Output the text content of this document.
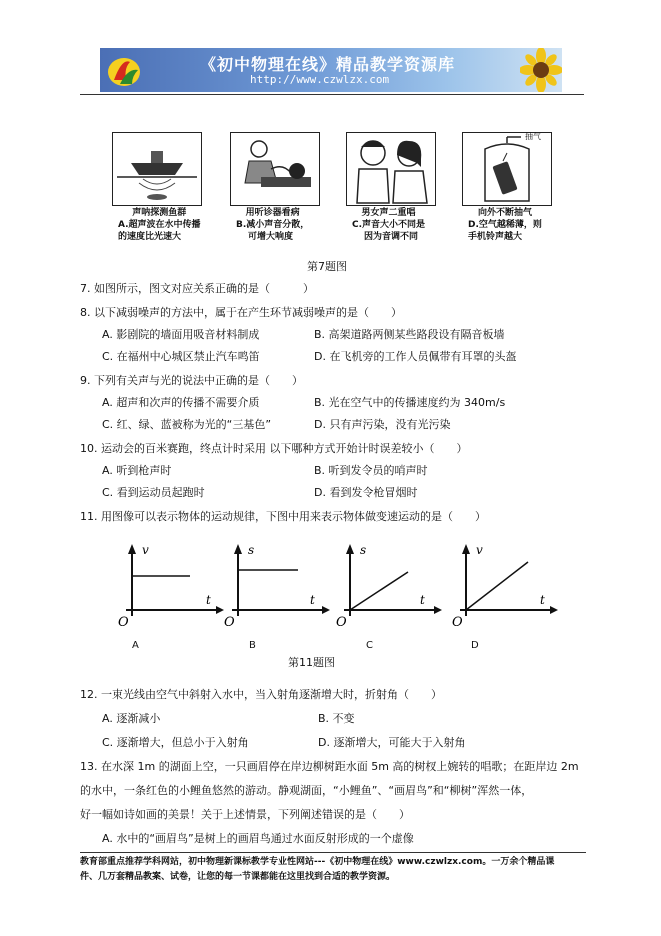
《初中物理在线》精品教学资源库
http://www.czwlzx.com
抽气
声呐探测鱼群
A.超声波在水中传播
的速度比光速大
用听诊器看病
B.减小声音分散，
可增大响度
男女声二重唱
C.声音大小不同是
因为音调不同
向外不断抽气
D.空气越稀薄，则
手机铃声越大
第7题图
7. 如图所示，图文对应关系正确的是（　　　）
8. 以下减弱噪声的方法中，属于在产生环节减弱噪声的是（　　）
A. 影剧院的墙面用吸音材料制成	B. 高架道路两侧某些路段设有隔音板墙
C. 在福州中心城区禁止汽车鸣笛	D. 在飞机旁的工作人员佩带有耳罩的头盔
9. 下列有关声与光的说法中正确的是（　　）
A. 超声和次声的传播不需要介质	B. 光在空气中的传播速度约为 340m/s
C. 红、绿、蓝被称为光的“三基色”	D. 只有声污染，没有光污染
10. 运动会的百米赛跑，终点计时采用 以下哪种方式开始计时误差较小（　　）
A. 听到枪声时	B. 听到发令员的哨声时
C. 看到运动员起跑时	D. 看到发令枪冒烟时
11. 用图像可以表示物体的运动规律，下图中用来表示物体做变速运动的是（　　）
v
t
O
s
t
O
s
t
O
v
t
O
A	B	C	D
第11题图
12. 一束光线由空气中斜射入水中，当入射角逐渐增大时，折射角（　　）
A. 逐渐减小	B. 不变
C. 逐渐增大，但总小于入射角	D. 逐渐增大，可能大于入射角
13. 在水深 1m 的湖面上空，一只画眉停在岸边柳树距水面 5m 高的树杈上婉转的唱歌；在距岸边 2m
的水中，一条红色的小鲤鱼悠然的游动。静观湖面，“小鲤鱼”、“画眉鸟”和“柳树”浑然一体，
好一幅如诗如画的美景！关于上述情景，下列阐述错误的是（　　）
A. 水中的“画眉鸟”是树上的画眉鸟通过水面反射形成的一个虚像
教育部重点推荐学科网站，初中物理新课标教学专业性网站---《初中物理在线》www.czwlzx.com。一万余个精品课
件、几万套精品教案、试卷，让您的每一节课都能在这里找到合适的教学资源。
